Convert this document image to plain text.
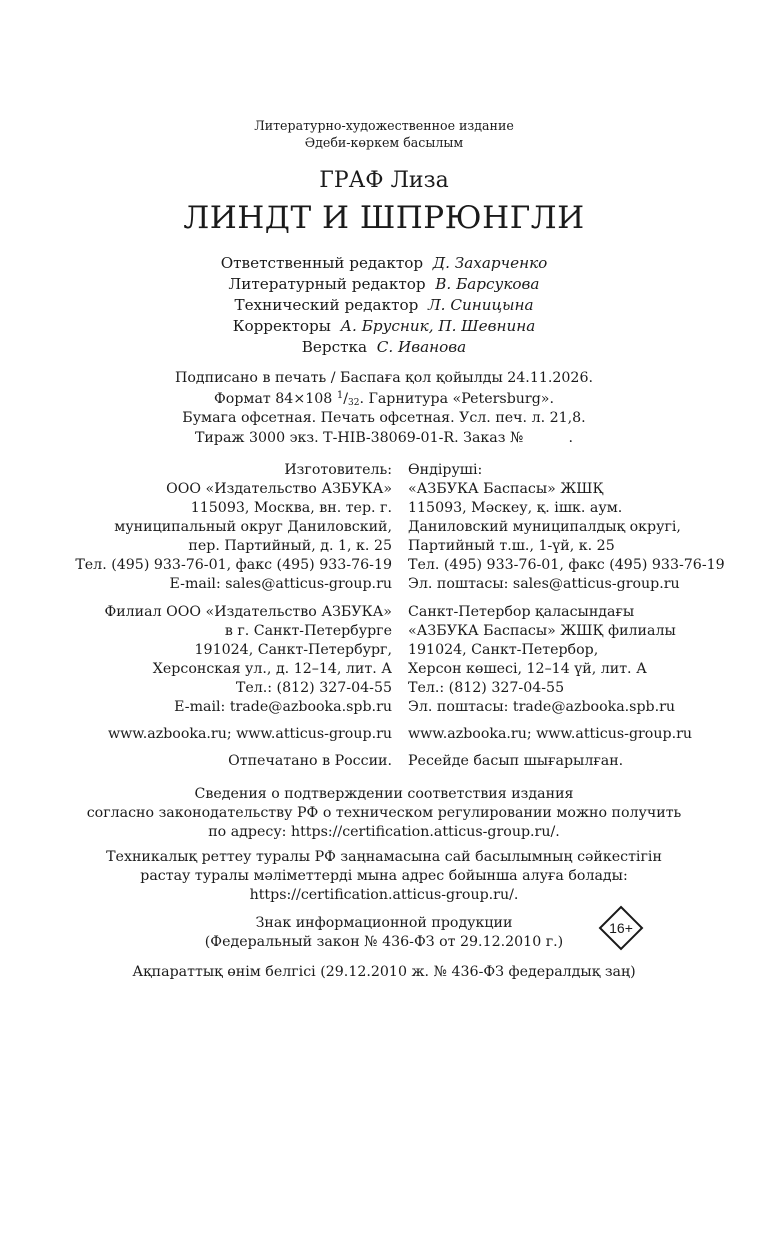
Литературно-художественное издание
Әдеби-көркем басылым
ГРАФ Лиза
ЛИНДТ И ШПРЮНГЛИ
Ответственный редактор Д. Захарченко
Литературный редактор В. Барсукова
Технический редактор Л. Синицына
Корректоры А. Брусник, П. Шевнина
Верстка С. Иванова
Подписано в печать / Баспаға қол қойылды 24.11.2026.
Формат 84×108 $^1/_{32}$. Гарнитура «Petersburg».
Бумага офсетная. Печать офсетная. Усл. печ. л. 21,8.
Тираж 3000 экз. Т-НІВ-38069-01-R. Заказ №	.
Изготовитель:
ООО «Издательство АЗБУКА»
115093, Москва, вн. тер. г.
муниципальный округ Даниловский,
пер. Партийный, д. 1, к. 25
Тел. (495) 933-76-01, факс (495) 933-76-19
E-mail: sales@atticus-group.ru
Өндіруші:
«АЗБУКА Баспасы» ЖШҚ
115093, Мәскеу, қ. ішк. аум.
Даниловский муниципалдық округі,
Партийный т.ш., 1-үй, к. 25
Тел. (495) 933-76-01, факс (495) 933-76-19
Эл. поштасы: sales@atticus-group.ru
Филиал ООО «Издательство АЗБУКА»
в г. Санкт-Петербурге
191024, Санкт-Петербург,
Херсонская ул., д. 12–14, лит. А
Тел.: (812) 327-04-55
E-mail: trade@azbooka.spb.ru
Санкт-Петербор қаласындағы
«АЗБУКА Баспасы» ЖШҚ филиалы
191024, Санкт-Петербор,
Херсон көшесі, 12–14 үй, лит. А
Тел.: (812) 327-04-55
Эл. поштасы: trade@azbooka.spb.ru
www.azbooka.ru; www.atticus-group.ru www.azbooka.ru; www.atticus-group.ru
Отпечатано в России. Ресейде басып шығарылған.
Сведения о подтверждении соответствия издания
согласно законодательству РФ о техническом регулировании можно получить
по адресу: https://certification.atticus-group.ru/.
Техникалық реттеу туралы РФ заңнамасына сай басылымның сәйкестігін
растау туралы мәліметтерді мына адрес бойынша алуға болады:
https://certification.atticus-group.ru/.
Знак информационной продукции
(Федеральный закон № 436-ФЗ от 29.12.2010 г.)
16+
Ақпараттық өнім белгісі (29.12.2010 ж. № 436-ФЗ федералдық заң)
